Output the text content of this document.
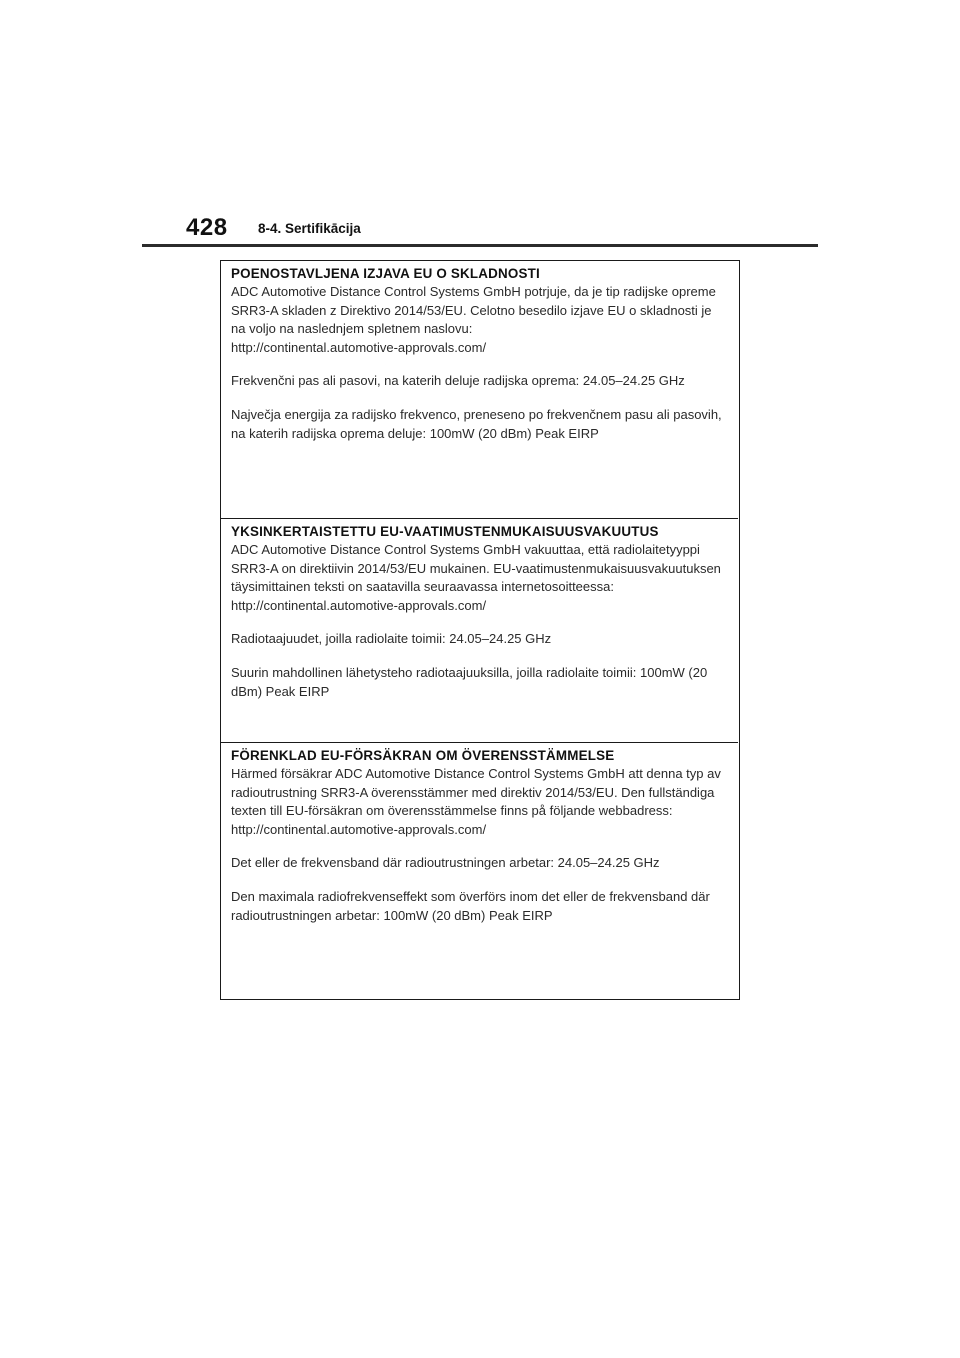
428 8-4. Sertifikācija
POENOSTAVLJENA IZJAVA EU O SKLADNOSTI

ADC Automotive Distance Control Systems GmbH potrjuje, da je tip radijske opreme SRR3-A skladen z Direktivo 2014/53/EU. Celotno besedilo izjave EU o skladnosti je na voljo na naslednjem spletnem naslovu:

http://continental.automotive-approvals.com/

Frekvenčni pas ali pasovi, na katerih deluje radijska oprema: 24.05–24.25 GHz

Največja energija za radijsko frekvenco, preneseno po frekvenčnem pasu ali pasovih, na katerih radijska oprema deluje: 100mW (20 dBm) Peak EIRP

YKSINKERTAISTETTU EU-VAATIMUSTENMUKAISUUSVAKUUTUS

ADC Automotive Distance Control Systems GmbH vakuuttaa, että radiolaitetyyppi SRR3-A on direktiivin 2014/53/EU mukainen. EU-vaatimustenmukaisuusvakuutuksen täysimittainen teksti on saatavilla seuraavassa internetosoitteessa:

http://continental.automotive-approvals.com/

Radiotaajuudet, joilla radiolaite toimii: 24.05–24.25 GHz

Suurin mahdollinen lähetysteho radiotaajuuksilla, joilla radiolaite toimii: 100mW (20 dBm) Peak EIRP

FÖRENKLAD EU-FÖRSÄKRAN OM ÖVERENSSTÄMMELSE

Härmed försäkrar ADC Automotive Distance Control Systems GmbH att denna typ av radioutrustning SRR3-A överensstämmer med direktiv 2014/53/EU. Den fullständiga texten till EU-försäkran om överensstämmelse finns på följande webbadress:

http://continental.automotive-approvals.com/

Det eller de frekvensband där radioutrustningen arbetar: 24.05–24.25 GHz

Den maximala radiofrekvenseffekt som överförs inom det eller de frekvensband där radioutrustningen arbetar: 100mW (20 dBm) Peak EIRP
